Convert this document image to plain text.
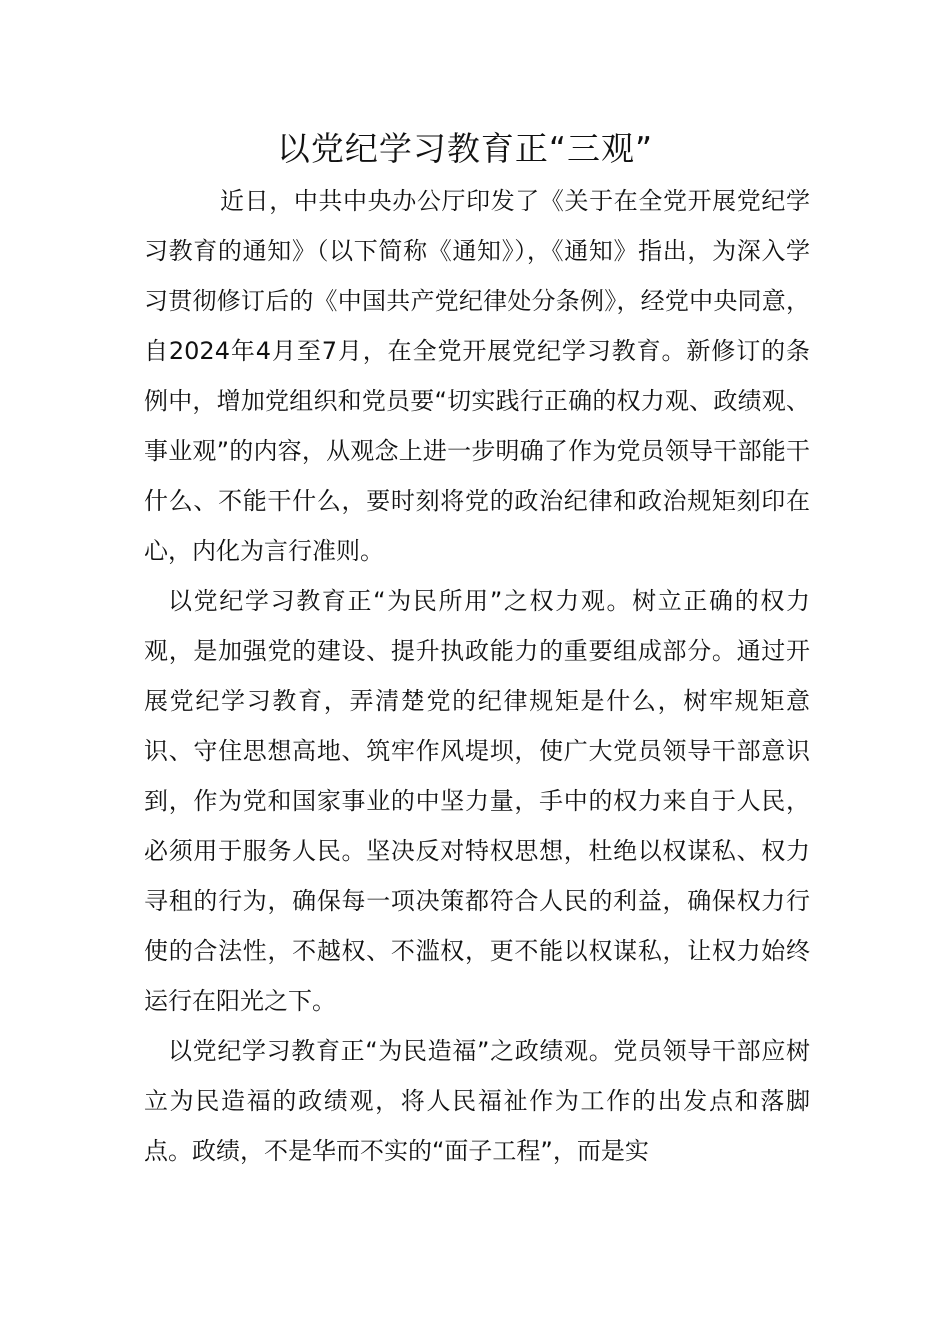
以党纪学习教育正“三观”

近日，中共中央办公厅印发了《关于在全党开展党纪学习教育的通知》（以下简称《通知》），《通知》指出，为深入学习贯彻修订后的《中国共产党纪律处分条例》，经党中央同意，自2024年4月至7月，在全党开展党纪学习教育。新修订的条例中，增加党组织和党员要“切实践行正确的权力观、政绩观、事业观”的内容，从观念上进一步明确了作为党员领导干部能干什么、不能干什么，要时刻将党的政治纪律和政治规矩刻印在心，内化为言行准则。

以党纪学习教育正“为民所用”之权力观。树立正确的权力观，是加强党的建设、提升执政能力的重要组成部分。通过开展党纪学习教育，弄清楚党的纪律规矩是什么，树牢规矩意识、守住思想高地、筑牢作风堤坝，使广大党员领导干部意识到，作为党和国家事业的中坚力量，手中的权力来自于人民，必须用于服务人民。坚决反对特权思想，杜绝以权谋私、权力寻租的行为，确保每一项决策都符合人民的利益，确保权力行使的合法性，不越权、不滥权，更不能以权谋私，让权力始终运行在阳光之下。

以党纪学习教育正“为民造福”之政绩观。党员领导干部应树立为民造福的政绩观，将人民福祉作为工作的出发点和落脚点。政绩，不是华而不实的“面子工程”，而是实
